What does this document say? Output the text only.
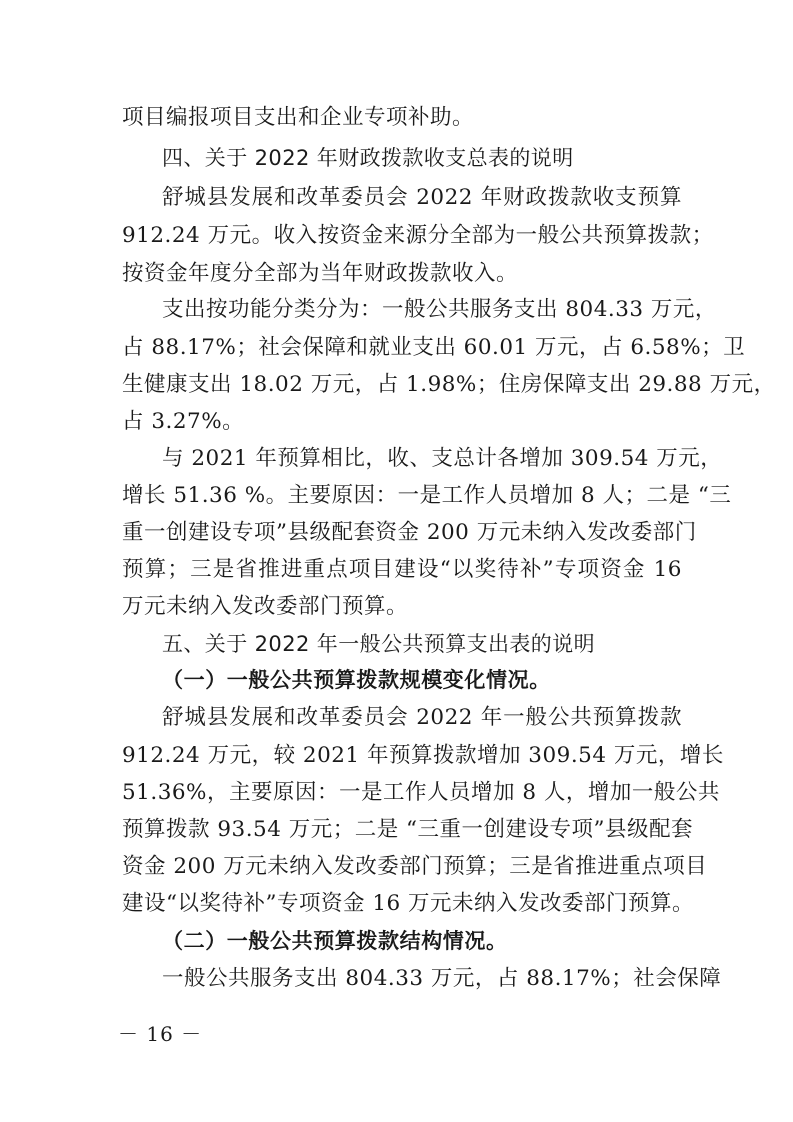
项目编报项目支出和企业专项补助。
四、关于 2022 年财政拨款收支总表的说明
舒城县发展和改革委员会 2022 年财政拨款收支预算
912.24 万元。收入按资金来源分全部为一般公共预算拨款；
按资金年度分全部为当年财政拨款收入。
支出按功能分类分为：一般公共服务支出 804.33 万元，
占 88.17%；社会保障和就业支出 60.01 万元，占 6.58%；卫
生健康支出 18.02 万元，占 1.98%；住房保障支出 29.88 万元，
占 3.27%。
与 2021 年预算相比，收、支总计各增加 309.54 万元，
增长 51.36 %。主要原因：一是工作人员增加 8 人；二是 “三
重一创建设专项”县级配套资金 200 万元未纳入发改委部门
预算；三是省推进重点项目建设“以奖待补”专项资金 16
万元未纳入发改委部门预算。
五、关于 2022 年一般公共预算支出表的说明
（一）一般公共预算拨款规模变化情况。
舒城县发展和改革委员会 2022 年一般公共预算拨款
912.24 万元，较 2021 年预算拨款增加 309.54 万元，增长
51.36%，主要原因：一是工作人员增加 8 人，增加一般公共
预算拨款 93.54 万元；二是 “三重一创建设专项”县级配套
资金 200 万元未纳入发改委部门预算；三是省推进重点项目
建设“以奖待补”专项资金 16 万元未纳入发改委部门预算。
（二）一般公共预算拨款结构情况。
一般公共服务支出 804.33 万元，占 88.17%；社会保障
－ 16 －
